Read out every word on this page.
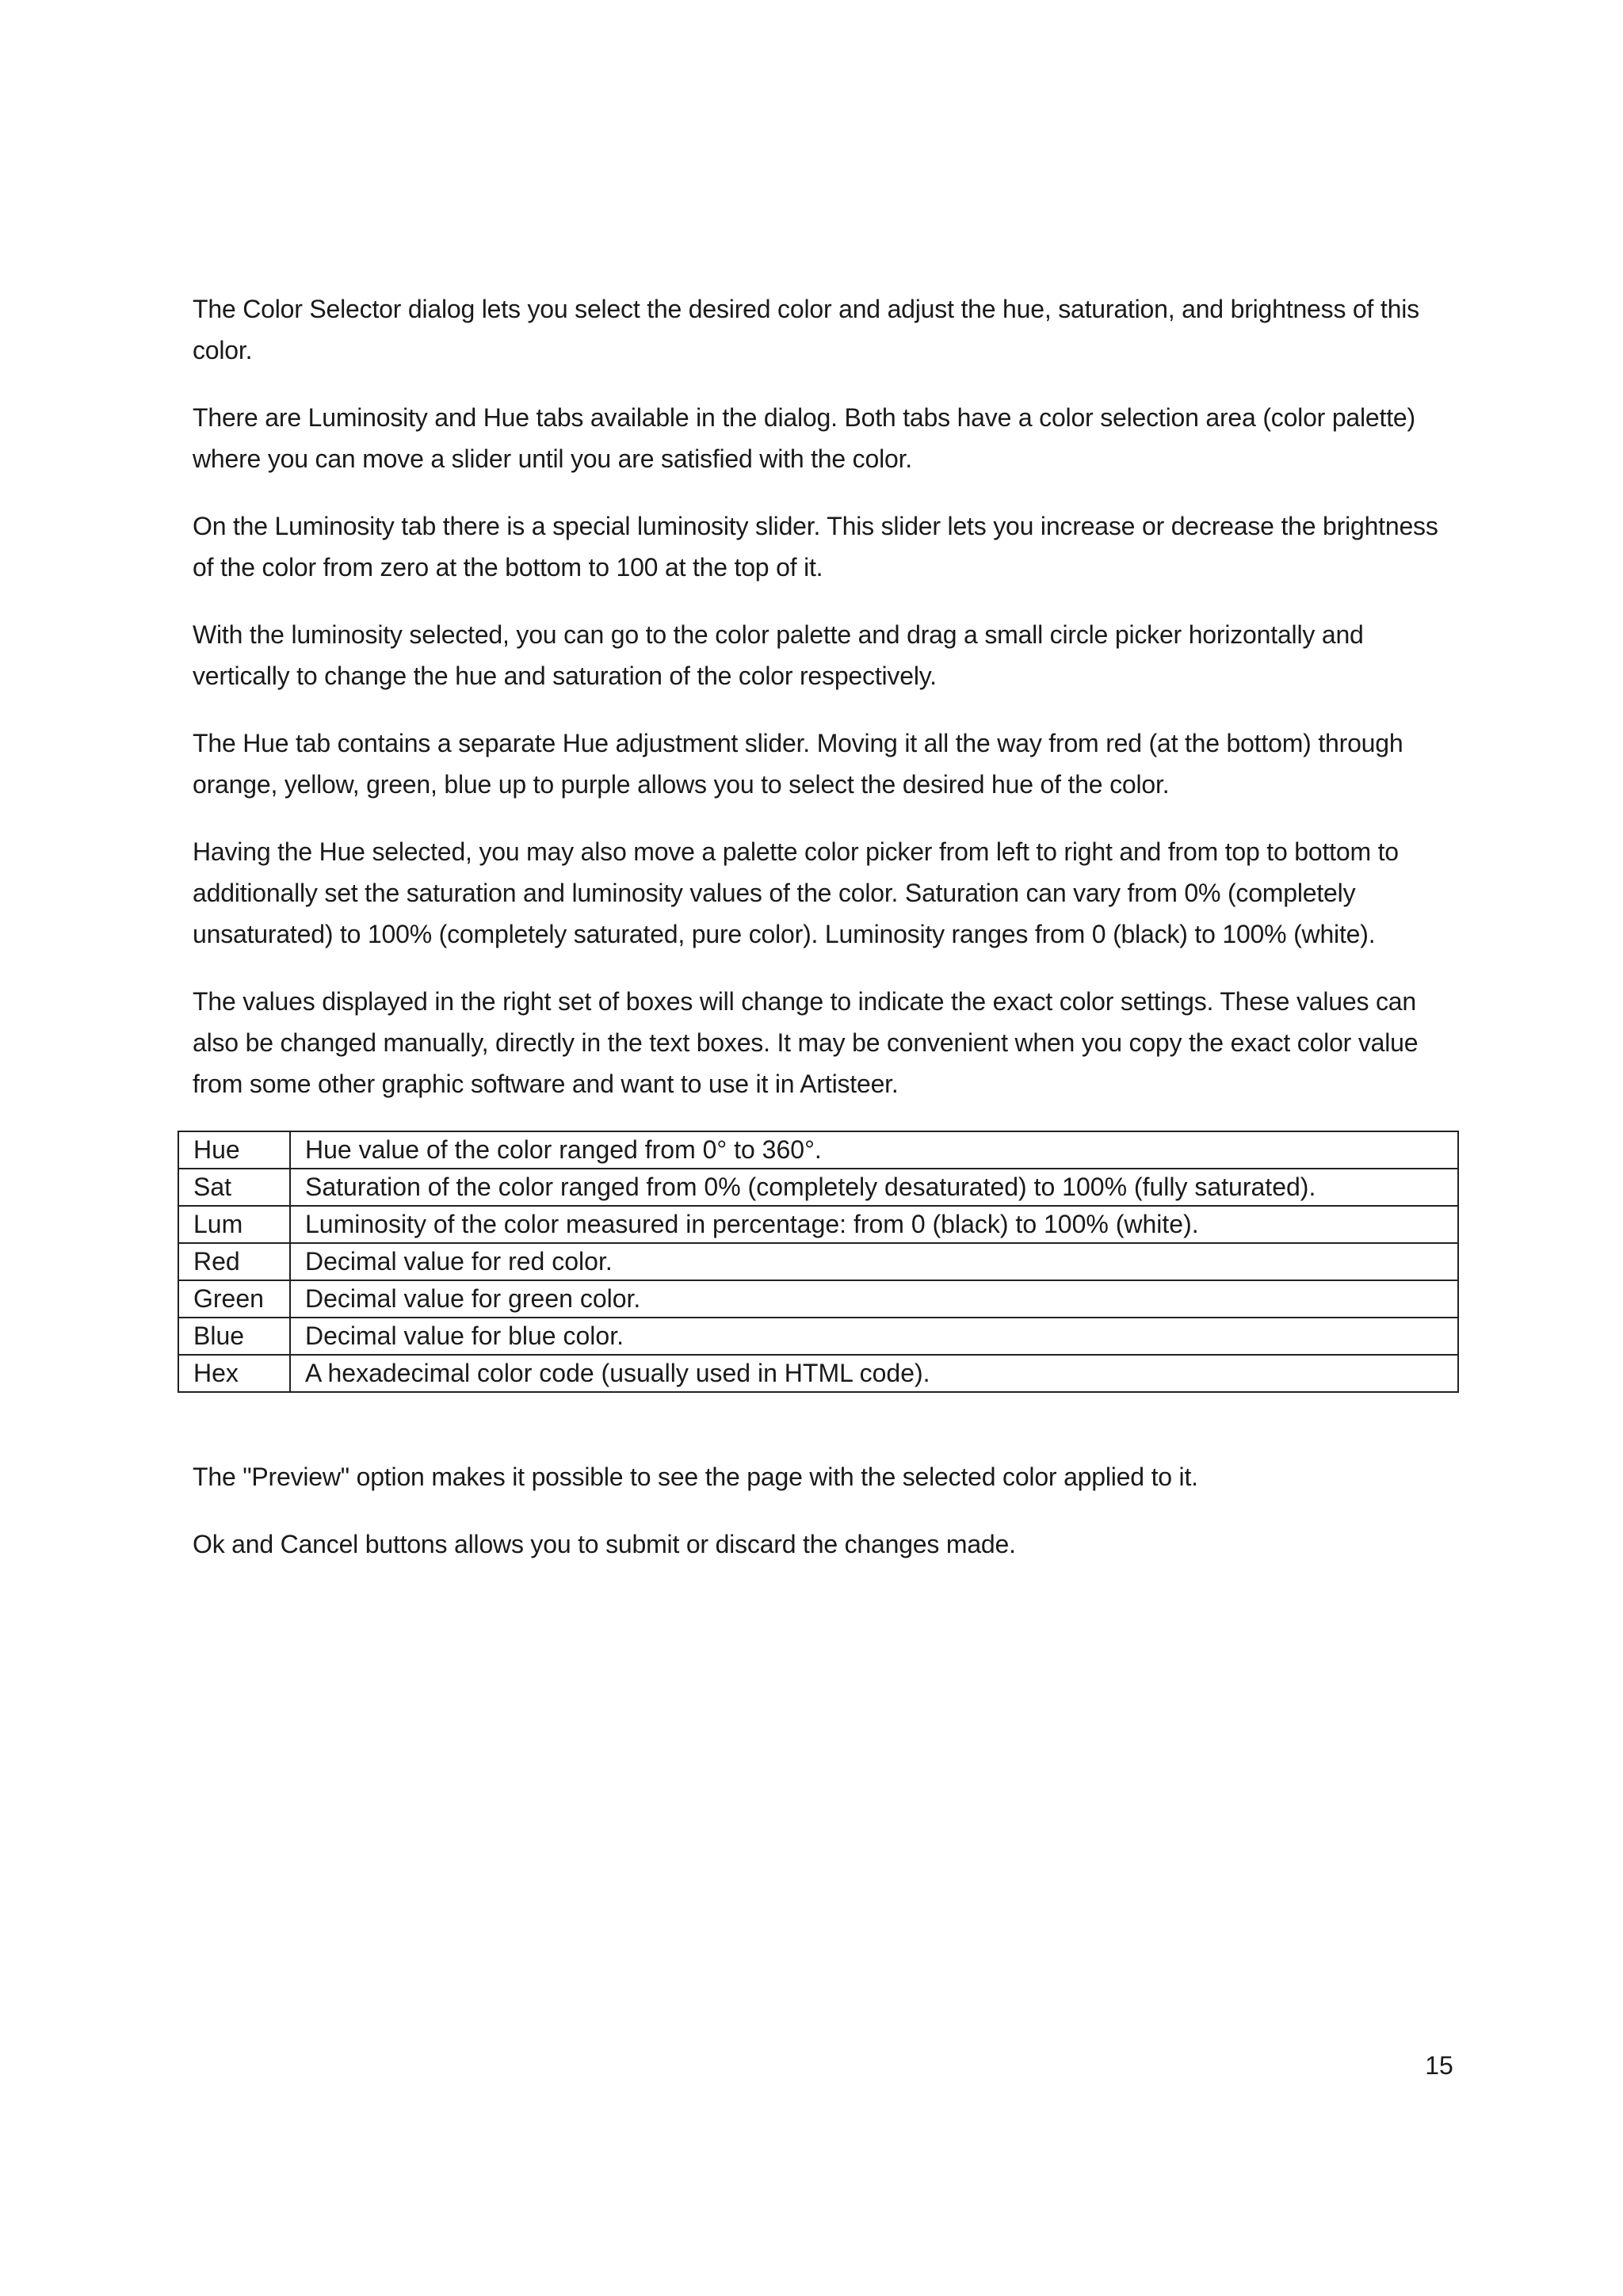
The Color Selector dialog lets you select the desired color and adjust the hue, saturation, and brightness of this color.

There are Luminosity and Hue tabs available in the dialog. Both tabs have a color selection area (color palette) where you can move a slider until you are satisfied with the color.

On the Luminosity tab there is a special luminosity slider. This slider lets you increase or decrease the brightness of the color from zero at the bottom to 100 at the top of it.

With the luminosity selected, you can go to the color palette and drag a small circle picker horizontally and vertically to change the hue and saturation of the color respectively.

The Hue tab contains a separate Hue adjustment slider. Moving it all the way from red (at the bottom) through orange, yellow, green, blue up to purple allows you to select the desired hue of the color.

Having the Hue selected, you may also move a palette color picker from left to right and from top to bottom to additionally set the saturation and luminosity values of the color. Saturation can vary from 0% (completely unsaturated) to 100% (completely saturated, pure color). Luminosity ranges from 0 (black) to 100% (white).

The values displayed in the right set of boxes will change to indicate the exact color settings. These values can also be changed manually, directly in the text boxes. It may be convenient when you copy the exact color value from some other graphic software and want to use it in Artisteer.

Hue	Hue value of the color ranged from 0° to 360°.
Sat	Saturation of the color ranged from 0% (completely desaturated) to 100% (fully saturated).
Lum	Luminosity of the color measured in percentage: from 0 (black) to 100% (white).
Red	Decimal value for red color.
Green	Decimal value for green color.
Blue	Decimal value for blue color.
Hex	A hexadecimal color code (usually used in HTML code).

The "Preview" option makes it possible to see the page with the selected color applied to it.

Ok and Cancel buttons allows you to submit or discard the changes made.

15
